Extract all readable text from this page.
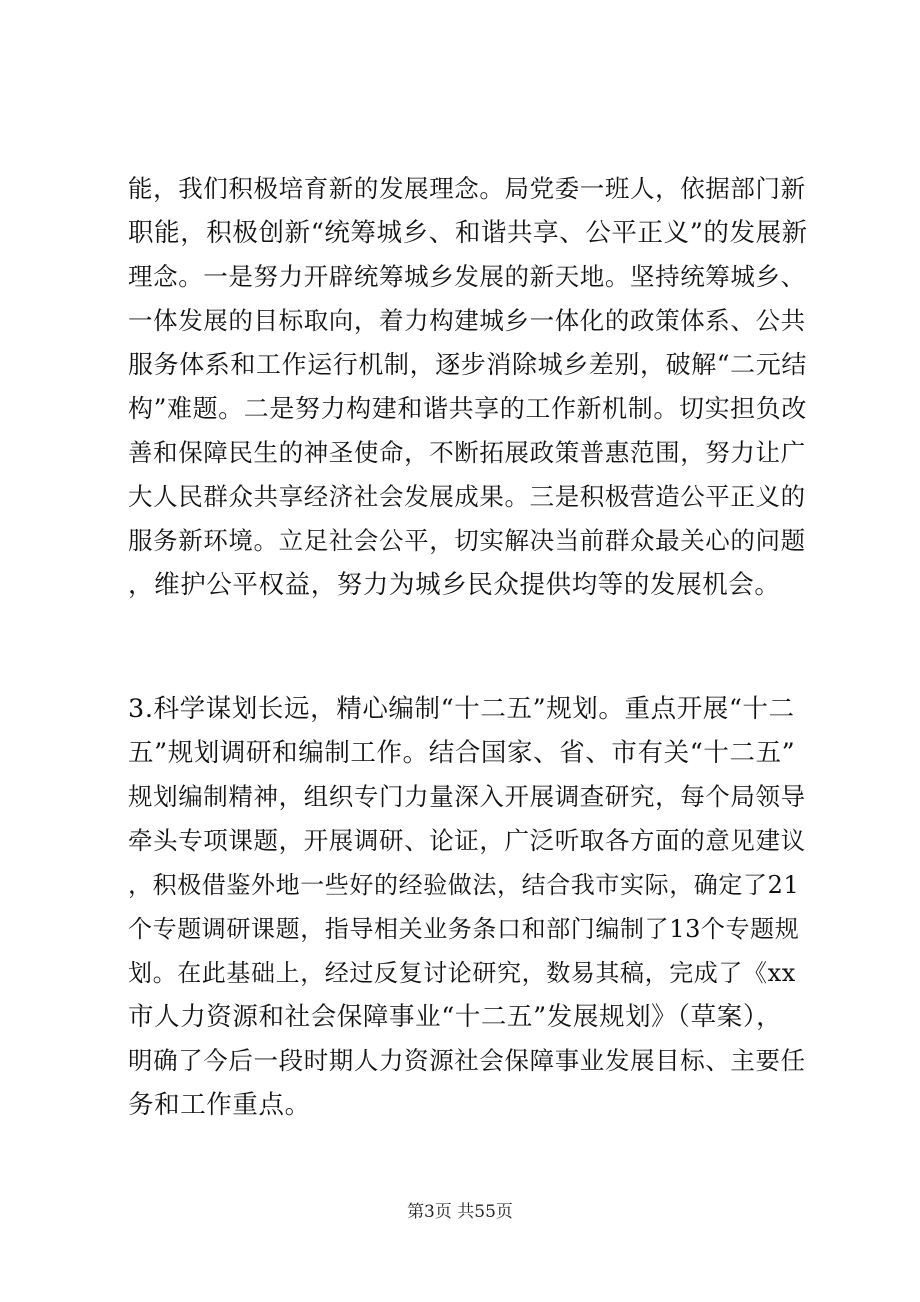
能，我们积极培育新的发展理念。局党委一班人，依据部门新
职能，积极创新“统筹城乡、和谐共享、公平正义”的发展新
理念。一是努力开辟统筹城乡发展的新天地。坚持统筹城乡、
一体发展的目标取向，着力构建城乡一体化的政策体系、公共
服务体系和工作运行机制，逐步消除城乡差别，破解“二元结
构”难题。二是努力构建和谐共享的工作新机制。切实担负改
善和保障民生的神圣使命，不断拓展政策普惠范围，努力让广
大人民群众共享经济社会发展成果。三是积极营造公平正义的
服务新环境。立足社会公平，切实解决当前群众最关心的问题
，维护公平权益，努力为城乡民众提供均等的发展机会。
3.科学谋划长远，精心编制“十二五”规划。重点开展“十二
五”规划调研和编制工作。结合国家、省、市有关“十二五”
规划编制精神，组织专门力量深入开展调查研究，每个局领导
牵头专项课题，开展调研、论证，广泛听取各方面的意见建议
，积极借鉴外地一些好的经验做法，结合我市实际，确定了21
个专题调研课题，指导相关业务条口和部门编制了13个专题规
划。在此基础上，经过反复讨论研究，数易其稿，完成了《xx
市人力资源和社会保障事业“十二五”发展规划》（草案），
明确了今后一段时期人力资源社会保障事业发展目标、主要任
务和工作重点。
第3页 共55页
